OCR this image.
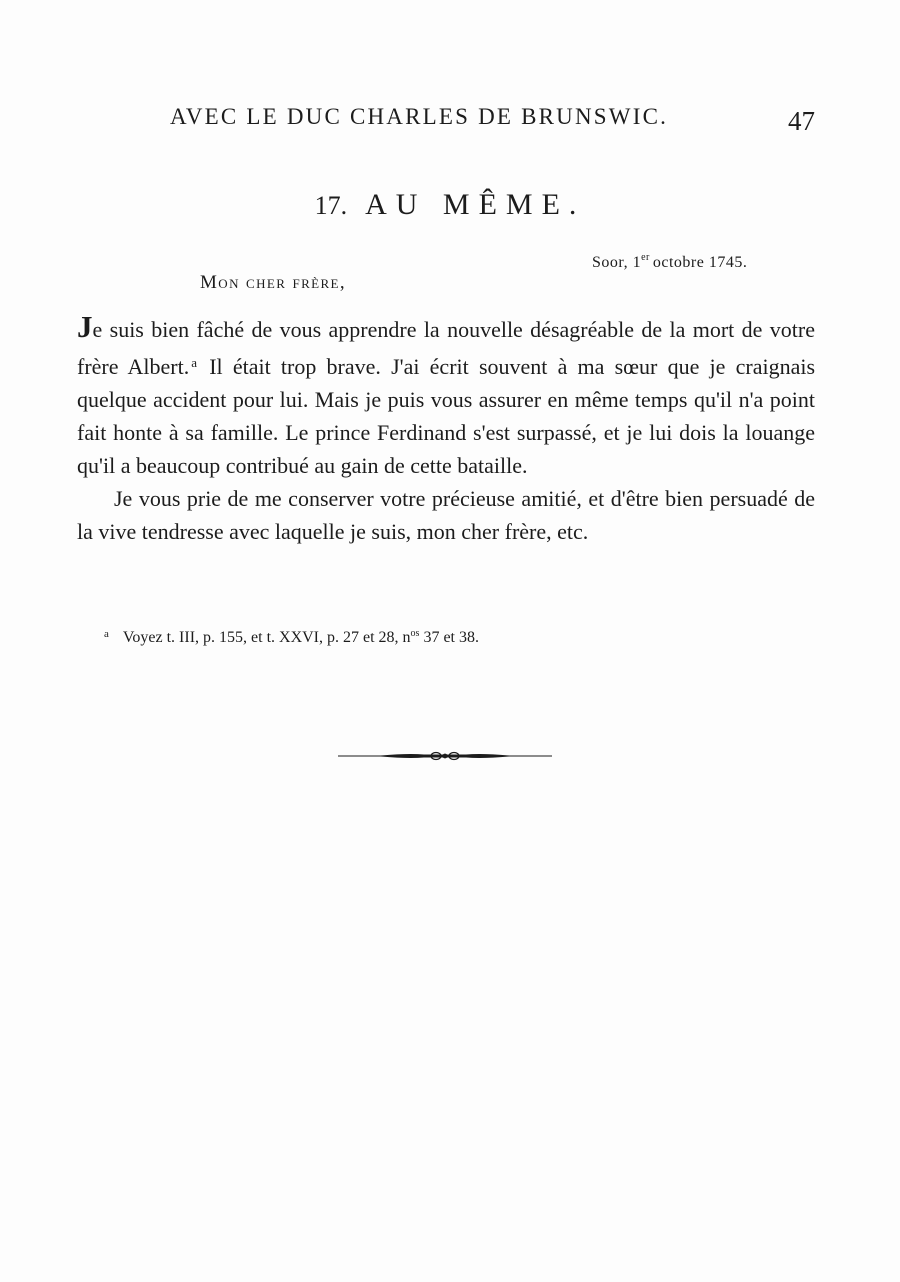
AVEC LE DUC CHARLES DE BRUNSWIC.	47
17. AU MÊME.
Soor, 1er octobre 1745.
Mon cher frère,

Je suis bien fâché de vous apprendre la nouvelle désagréable de la mort de votre frère Albert. $^a$ Il était trop brave. J'ai écrit souvent à ma sœur que je craignais quelque accident pour lui. Mais je puis vous assurer en même temps qu'il n'a point fait honte à sa famille. Le prince Ferdinand s'est surpassé, et je lui dois la louange qu'il a beaucoup contribué au gain de cette bataille.

Je vous prie de me conserver votre précieuse amitié, et d'être bien persuadé de la vive tendresse avec laquelle je suis, mon cher frère, etc.

$^a$ Voyez t. III, p. 155, et t. XXVI, p. 27 et 28, $n^{os}$ 37 et 38.
